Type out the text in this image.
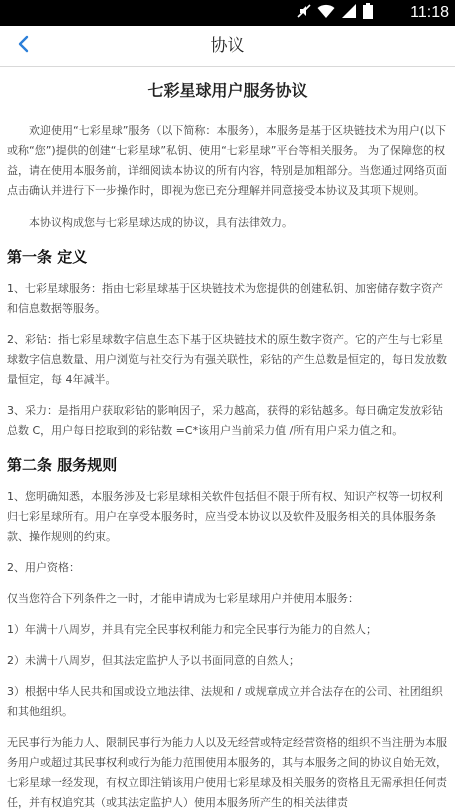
11:18
协议
七彩星球用户服务协议

欢迎使用“七彩星球”服务（以下简称：本服务），本服务是基于区块链技术为用户(以下或称“您”)提供的创建“七彩星球”私钥、使用“七彩星球”平台等相关服务。 为了保障您的权益，请在使用本服务前，详细阅读本协议的所有内容，特别是加粗部分。当您通过网络页面点击确认并进行下一步操作时，即视为您已充分理解并同意接受本协议及其项下规则。

本协议构成您与七彩星球达成的协议，具有法律效力。

第一条 定义

1、七彩星球服务：指由七彩星球基于区块链技术为您提供的创建私钥、加密储存数字资产和信息数据等服务。

2、彩钻：指七彩星球数字信息生态下基于区块链技术的原生数字资产。它的产生与七彩星球数字信息数量、用户浏览与社交行为有强关联性，彩钻的产生总数是恒定的，每日发放数量恒定，每 4年减半。

3、采力：是指用户获取彩钻的影响因子，采力越高，获得的彩钻越多。每日确定发放彩钻总数 C，用户每日挖取到的彩钻数 =C*该用户当前采力值 /所有用户采力值之和。

第二条 服务规则

1、您明确知悉，本服务涉及七彩星球相关软件包括但不限于所有权、知识产权等一切权利归七彩星球所有。用户在享受本服务时，应当受本协议以及软件及服务相关的具体服务条款、操作规则的约束。

2、用户资格：

仅当您符合下列条件之一时，才能申请成为七彩星球用户并使用本服务：

1）年满十八周岁，并具有完全民事权利能力和完全民事行为能力的自然人；

2）未满十八周岁，但其法定监护人予以书面同意的自然人；

3）根据中华人民共和国或设立地法律、法规和 / 或规章成立并合法存在的公司、社团组织和其他组织。

无民事行为能力人、限制民事行为能力人以及无经营或特定经营资格的组织不当注册为本服务用户或超过其民事权利或行为能力范围使用本服务的，其与本服务之间的协议自始无效，七彩星球一经发现，有权立即注销该用户使用七彩星球及相关服务的资格且无需承担任何责任，并有权追究其（或其法定监护人）使用本服务所产生的相关法律责
